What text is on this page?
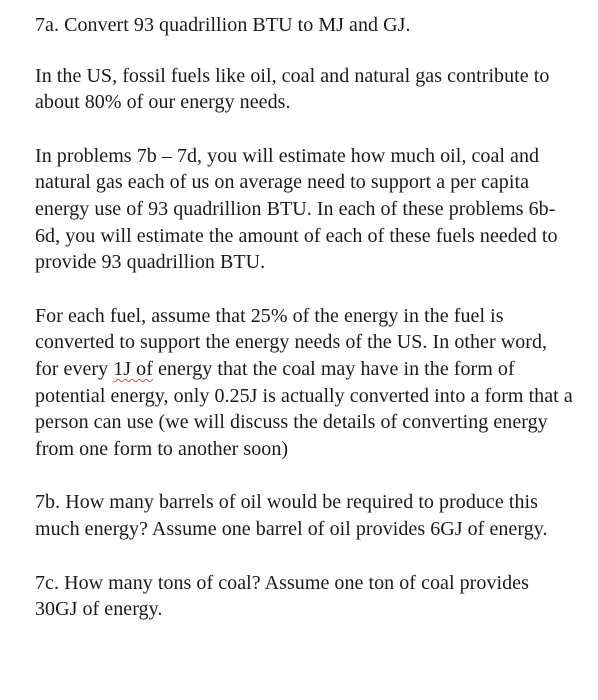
7a. Convert 93 quadrillion BTU to MJ and GJ.

In the US, fossil fuels like oil, coal and natural gas contribute to about 80% of our energy needs.

In problems 7b – 7d, you will estimate how much oil, coal and natural gas each of us on average need to support a per capita energy use of 93 quadrillion BTU. In each of these problems 6b-6d, you will estimate the amount of each of these fuels needed to provide 93 quadrillion BTU.

For each fuel, assume that 25% of the energy in the fuel is converted to support the energy needs of the US. In other word, for every 1J of energy that the coal may have in the form of potential energy, only 0.25J is actually converted into a form that a person can use (we will discuss the details of converting energy from one form to another soon)

7b. How many barrels of oil would be required to produce this much energy? Assume one barrel of oil provides 6GJ of energy.

7c. How many tons of coal? Assume one ton of coal provides 30GJ of energy.
